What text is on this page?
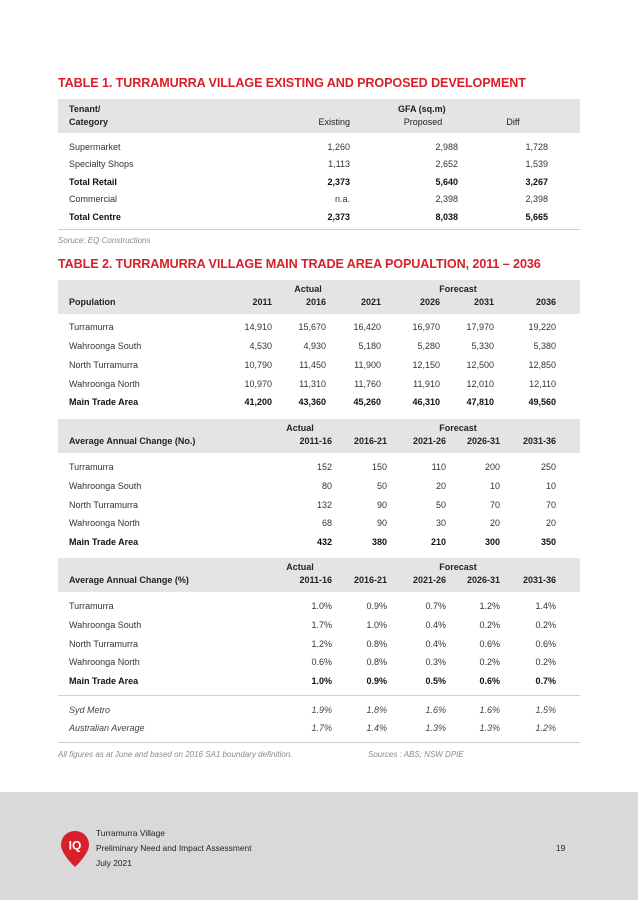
TABLE 1. TURRAMURRA VILLAGE EXISTING AND PROPOSED DEVELOPMENT
Tenant/
Category
GFA (sq.m)
Existing	Proposed	Diff
Supermarket	1,260	2,988	1,728
Specialty Shops	1,113	2,652	1,539
Total Retail	2,373	5,640	3,267
Commercial	n.a.	2,398	2,398
Total Centre	2,373	8,038	5,665
Soruce: EQ Constructions
TABLE 2. TURRAMURRA VILLAGE MAIN TRADE AREA POPUALTION, 2011 – 2036
Actual	Forecast
Population	2011	2016	2021	2026	2031	2036
Turramurra	14,910	15,670	16,420	16,970	17,970	19,220
Wahroonga South	4,530	4,930	5,180	5,280	5,330	5,380
North Turramurra	10,790	11,450	11,900	12,150	12,500	12,850
Wahroonga North	10,970	11,310	11,760	11,910	12,010	12,110
Main Trade Area	41,200	43,360	45,260	46,310	47,810	49,560
Actual	Forecast
Average Annual Change (No.)	2011-16	2016-21	2021-26	2026-31	2031-36
Turramurra	152	150	110	200	250
Wahroonga South	80	50	20	10	10
North Turramurra	132	90	50	70	70
Wahroonga North	68	90	30	20	20
Main Trade Area	432	380	210	300	350
Actual	Forecast
Average Annual Change (%)	2011-16	2016-21	2021-26	2026-31	2031-36
Turramurra	1.0%	0.9%	0.7%	1.2%	1.4%
Wahroonga South	1.7%	1.0%	0.4%	0.2%	0.2%
North Turramurra	1.2%	0.8%	0.4%	0.6%	0.6%
Wahroonga North	0.6%	0.8%	0.3%	0.2%	0.2%
Main Trade Area	1.0%	0.9%	0.5%	0.6%	0.7%
Syd Metro	1.9%	1.8%	1.6%	1.6%	1.5%
Australian Average	1.7%	1.4%	1.3%	1.3%	1.2%
All figures as at June and based on 2016 SA1 boundary definition.	Sources : ABS; NSW DPIE
IQ
Turramurra Village
Preliminary Need and Impact Assessment
July 2021
19
